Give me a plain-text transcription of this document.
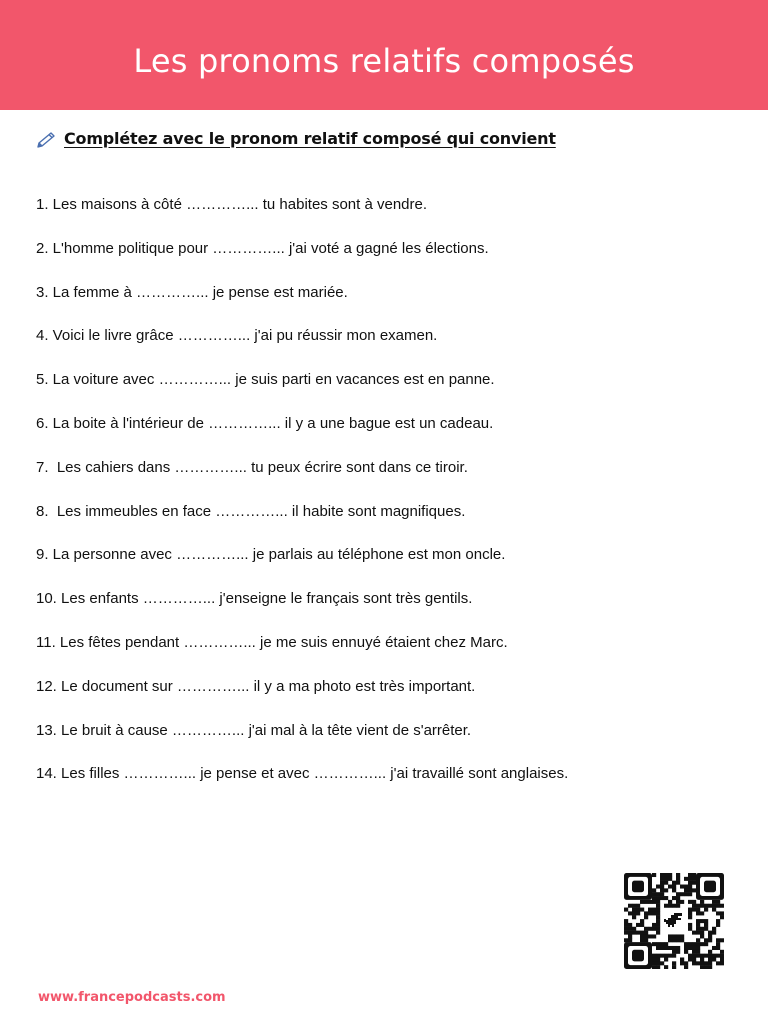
Les pronoms relatifs composés
Complétez avec le pronom relatif composé qui convient
1. Les maisons à côté …………... tu habites sont à vendre.
2. L'homme politique pour …………... j'ai voté a gagné les élections.
3. La femme à …………... je pense est mariée.
4. Voici le livre grâce …………... j'ai pu réussir mon examen.
5. La voiture avec …………... je suis parti en vacances est en panne.
6. La boite à l'intérieur de …………... il y a une bague est un cadeau.
7.  Les cahiers dans …………... tu peux écrire sont dans ce tiroir.
8.  Les immeubles en face …………... il habite sont magnifiques.
9. La personne avec …………... je parlais au téléphone est mon oncle.
10. Les enfants …………... j'enseigne le français sont très gentils.
11. Les fêtes pendant …………... je me suis ennuyé étaient chez Marc.
12. Le document sur …………... il y a ma photo est très important.
13. Le bruit à cause …………... j'ai mal à la tête vient de s'arrêter.
14. Les filles …………... je pense et avec …………... j'ai travaillé sont anglaises.
www.francepodcasts.com
